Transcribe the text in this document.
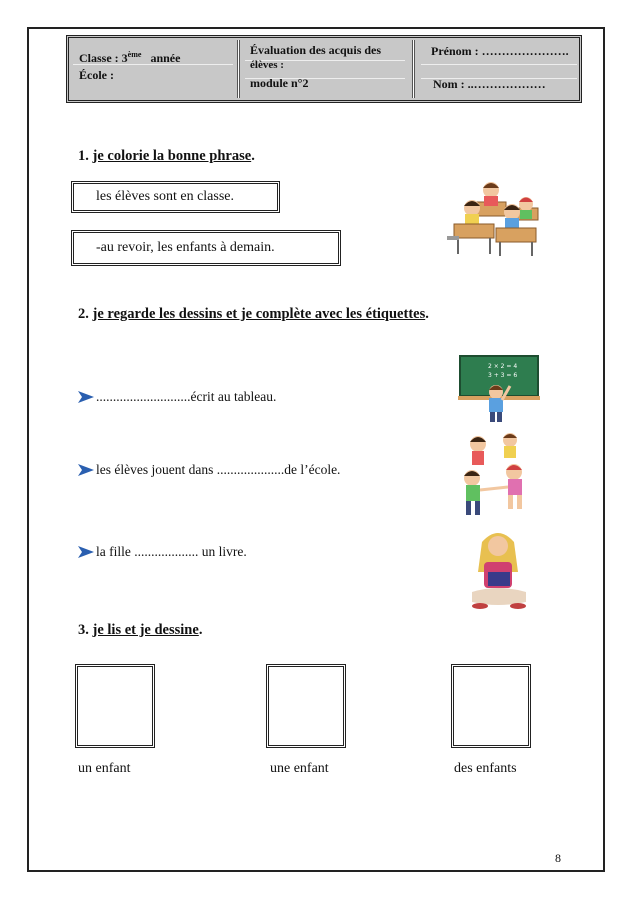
Classe : 3ème année
École :
Évaluation des acquis des
élèves :
module n°2
Prénom : ………………….
Nom : ..………………
1. je colorie la bonne phrase.
les élèves sont en classe.
-au revoir, les enfants à demain.
2. je regarde les dessins et je complète avec les étiquettes.
............................écrit au tableau.
les élèves jouent dans ....................de l’école.
la fille ................... un livre.
2 × 2 = 4
3 + 3 = 6
3. je lis et je dessine.
un enfant	une enfant	des enfants
8
